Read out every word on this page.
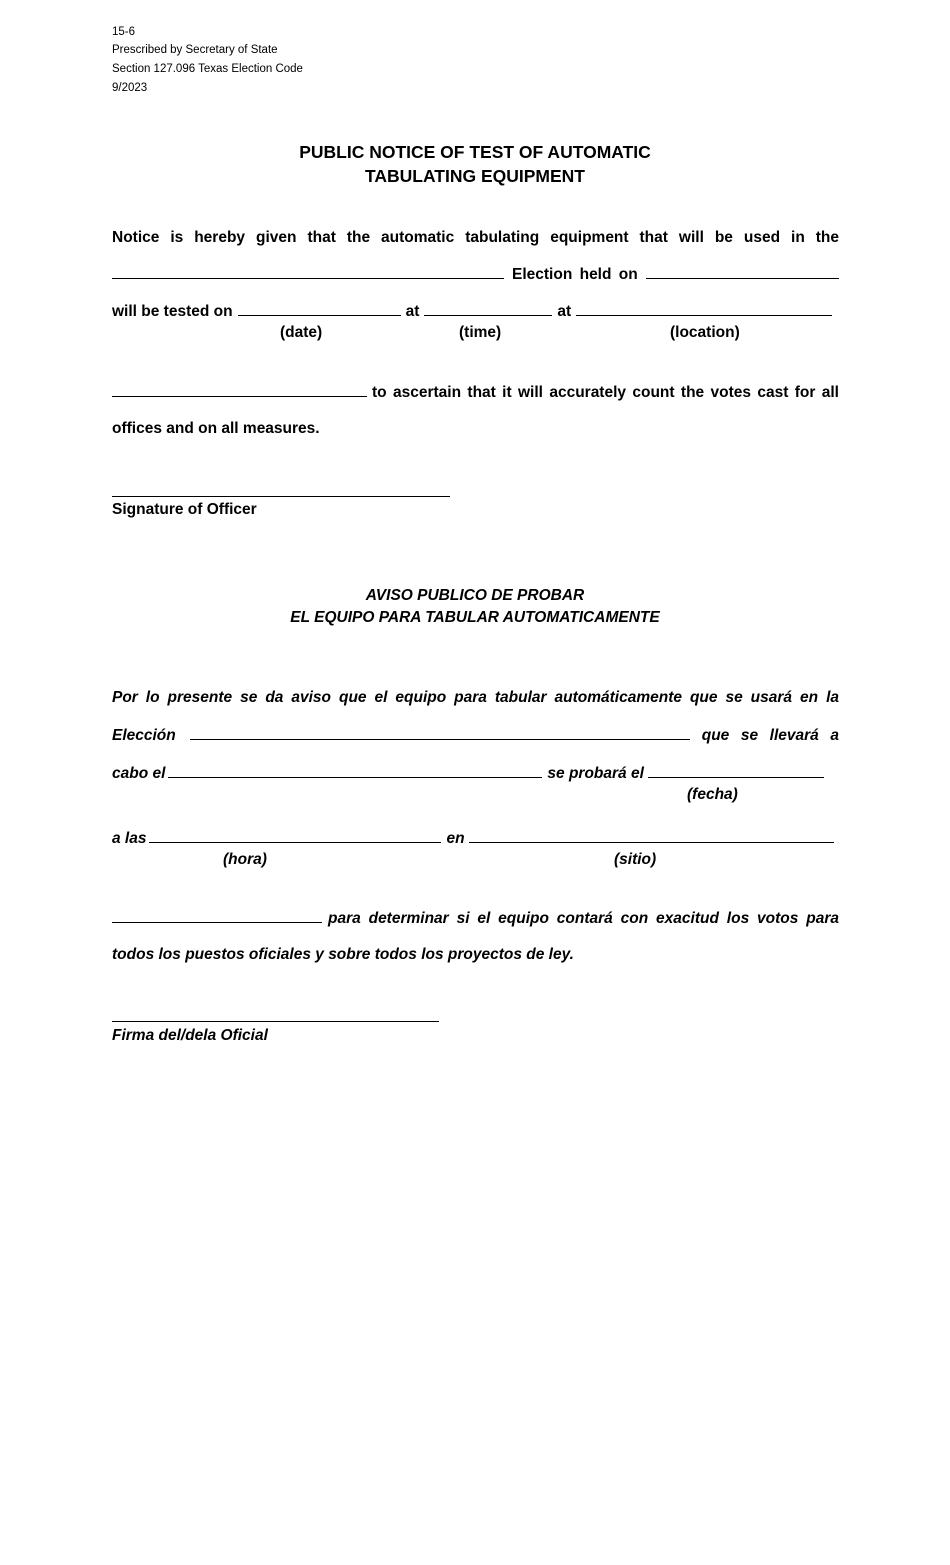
15-6
Prescribed by Secretary of State
Section 127.096 Texas Election Code
9/2023
PUBLIC NOTICE OF TEST OF AUTOMATIC
TABULATING EQUIPMENT
Notice is hereby given that the automatic tabulating equipment that will be used in the
Election held on
will be tested on	at	at
(date)	(time)	(location)
to ascertain that it will accurately count the votes cast for all
offices and on all measures.
Signature of Officer
AVISO PUBLICO DE PROBAR
EL EQUIPO PARA TABULAR AUTOMATICAMENTE
Por lo presente se da aviso que el equipo para tabular automáticamente que se usará en la
Elección	que se llevará a
cabo el	se probará el
(fecha)
a las	en
(hora)	(sitio)
para determinar si el equipo contará con exacitud los votos para
todos los puestos oficiales y sobre todos los proyectos de ley.
Firma del/dela Oficial
